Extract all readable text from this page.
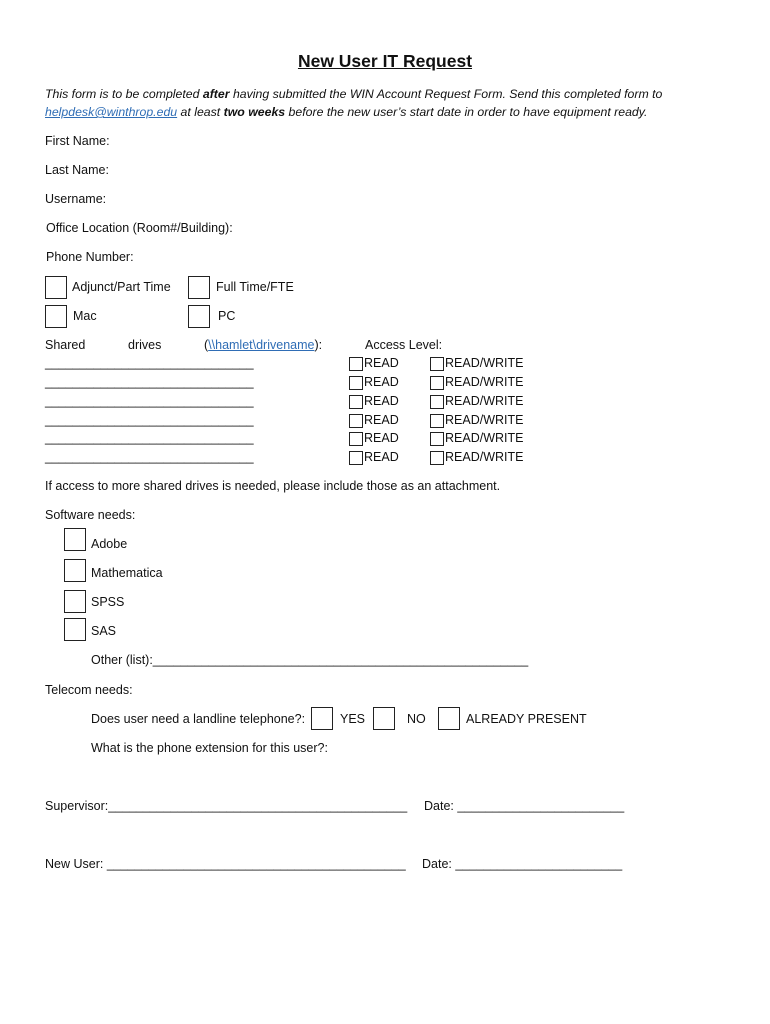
New User IT Request
This form is to be completed after having submitted the WIN Account Request Form. Send this completed form to
helpdesk@winthrop.edu at least two weeks before the new user’s start date in order to have equipment ready.
First Name:
Last Name:
Username:
Office Location (Room#/Building):
Phone Number:
Adjunct/Part Time	Full Time/FTE
Mac	PC
Shared	drives	(\\hamlet\drivename):	Access Level:
______________________________	READ	READ/WRITE
______________________________	READ	READ/WRITE
______________________________	READ	READ/WRITE
______________________________	READ	READ/WRITE
______________________________	READ	READ/WRITE
______________________________	READ	READ/WRITE
If access to more shared drives is needed, please include those as an attachment.
Software needs:
Adobe
Mathematica
SPSS
SAS
Other (list):______________________________________________________
Telecom needs:
Does user need a landline telephone?:	YES	NO	ALREADY PRESENT
What is the phone extension for this user?:
Supervisor:___________________________________________ Date: ________________________
New User: ___________________________________________ Date: ________________________
